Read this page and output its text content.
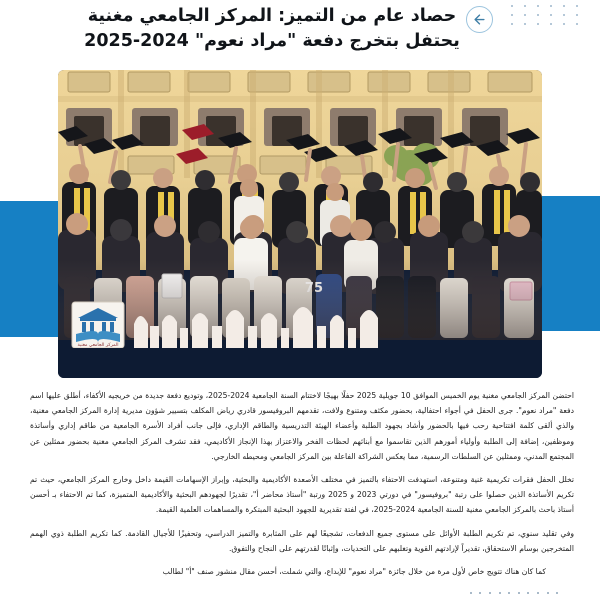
حصاد عام من التميز: المركز الجامعي مغنية
يحتفل بتخرج دفعة "مراد نعوم" 2024-2025
المركز الجامعي مغنية

احتضن المركز الجامعي مغنية يوم الخميس الموافق 10 جويلية 2025 حفلًا بهيجًا لاختتام السنة الجامعية 2024-2025، وتوديع دفعة جديدة من خريجيه الأكفاء، أطلق عليها اسم دفعة "مراد نعوم". جرى الحفل في أجواء احتفالية، بحضور مكثف ومتنوع ولافت، تقدمهم البروفيسور قادري رياض المكلف بتسيير شؤون مديرية إدارة المركز الجامعي مغنية، والذي ألقى كلمة افتتاحية رحب فيها بالحضور وأشاد بجهود الطلبة وأعضاء الهيئة التدريسية والطاقم الإداري، فإلى جانب أفراد الأسرة الجامعية من طاقم إداري وأساتذة وموظفين، إضافة إلى الطلبة وأولياء أمورهم الذين تقاسموا مع أبنائهم لحظات الفخر والاعتزاز بهذا الإنجاز الأكاديمي، فقد تشرف المركز الجامعي مغنية بحضور ممثلين عن المجتمع المدني، وممثلين عن السلطات الرسمية، مما يعكس الشراكة الفاعلة بين المركز الجامعي ومحيطه الخارجي.

تخلل الحفل فقرات تكريمية غنية ومتنوعة، استهدفت الاحتفاء بالتميز في مختلف الأصعدة الأكاديمية والبحثية، وإبراز الإسهامات القيمة داخل وخارج المركز الجامعي، حيث تم تكريم الأساتذة الذين حصلوا على رتبة "بروفيسور" في دورتي 2023 و 2025 ورتبة "أستاذ محاضر أ"، تقديرًا لجهودهم البحثية والأكاديمية المتميزة، كما تم الاحتفاء بـ أحسن أستاذ باحث بالمركز الجامعي مغنية للسنة الجامعية 2024-2025، في لفتة تقديرية للجهود البحثية المبتكرة والمساهمات العلمية القيمة.

وفي تقليد سنوي، تم تكريم الطلبة الأوائل على مستوى جميع الدفعات، تشجيعًا لهم على المثابرة والتميز الدراسي، وتحفيزًا للأجيال القادمة. كما تكريم الطلبة ذوي الهمم المتخرجين بوسام الاستحقاق، تقديراً لإرادتهم القوية وتغلبهم على التحديات، وإثباتًا لقدرتهم على النجاح والتفوق.

كما كان هناك تتويج خاص لأول مرة من خلال جائزة "مراد نعوم" للإبداع، والتي شملت، أحسن مقال منشور صنف "أ" لطالب
